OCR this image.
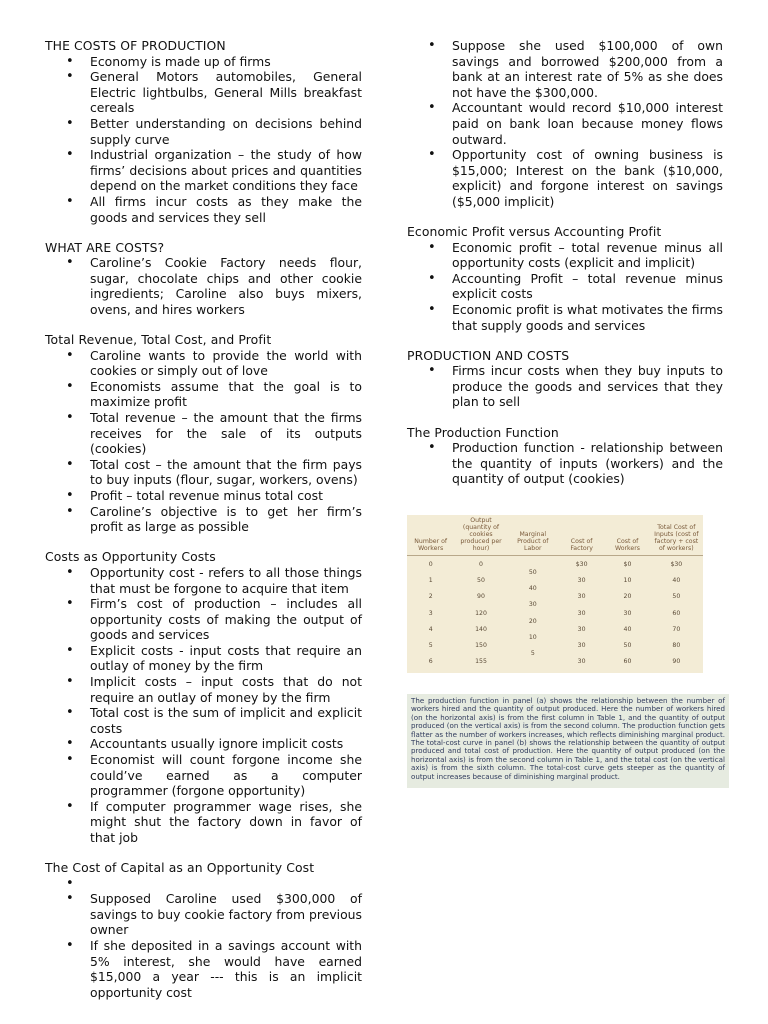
THE COSTS OF PRODUCTION
• Economy is made up of firms
• General Motors automobiles, General Electric lightbulbs, General Mills breakfast cereals
• Better understanding on decisions behind supply curve
• Industrial organization – the study of how firms’ decisions about prices and quantities depend on the market conditions they face
• All firms incur costs as they make the goods and services they sell
WHAT ARE COSTS?
• Caroline’s Cookie Factory needs flour, sugar, chocolate chips and other cookie ingredients; Caroline also buys mixers, ovens, and hires workers
Total Revenue, Total Cost, and Profit
• Caroline wants to provide the world with cookies or simply out of love
• Economists assume that the goal is to maximize profit
• Total revenue – the amount that the firms receives for the sale of its outputs (cookies)
• Total cost – the amount that the firm pays to buy inputs (flour, sugar, workers, ovens)
• Profit – total revenue minus total cost
• Caroline’s objective is to get her firm’s profit as large as possible
Costs as Opportunity Costs
• Opportunity cost - refers to all those things that must be forgone to acquire that item
• Firm’s cost of production – includes all opportunity costs of making the output of goods and services
• Explicit costs - input costs that require an outlay of money by the firm
• Implicit costs – input costs that do not require an outlay of money by the firm
• Total cost is the sum of implicit and explicit costs
• Accountants usually ignore implicit costs
• Economist will count forgone income she could’ve earned as a computer programmer (forgone opportunity)
• If computer programmer wage rises, she might shut the factory down in favor of that job
The Cost of Capital as an Opportunity Cost
•
• Supposed Caroline used $300,000 of savings to buy cookie factory from previous owner
• If she deposited in a savings account with 5% interest, she would have earned $15,000 a year --- this is an implicit opportunity cost
• Suppose she used $100,000 of own savings and borrowed $200,000 from a bank at an interest rate of 5% as she does not have the $300,000.
• Accountant would record $10,000 interest paid on bank loan because money flows outward.
• Opportunity cost of owning business is $15,000; Interest on the bank ($10,000, explicit) and forgone interest on savings ($5,000 implicit)
Economic Profit versus Accounting Profit
• Economic profit – total revenue minus all opportunity costs (explicit and implicit)
• Accounting Profit – total revenue minus explicit costs
• Economic profit is what motivates the firms that supply goods and services
PRODUCTION AND COSTS
• Firms incur costs when they buy inputs to produce the goods and services that they plan to sell
The Production Function
• Production function - relationship between the quantity of inputs (workers) and the quantity of output (cookies)
Number of Workers	Output (quantity of cookies produced per hour)	Marginal Product of Labor	Cost of Factory	Cost of Workers	Total Cost of Inputs (cost of factory + cost of workers)
0	0	50	$30	$0	$30
1	50	40	30	10	40
2	90	30	30	20	50
3	120	20	30	30	60
4	140	10	30	40	70
5	150	5	30	50	80
6	155		30	60	90
The production function in panel (a) shows the relationship between the number of workers hired and the quantity of output produced. Here the number of workers hired (on the horizontal axis) is from the first column in Table 1, and the quantity of output produced (on the vertical axis) is from the second column. The production function gets flatter as the number of workers increases, which reflects diminishing marginal product. The total-cost curve in panel (b) shows the relationship between the quantity of output produced and total cost of production. Here the quantity of output produced (on the horizontal axis) is from the second column in Table 1, and the total cost (on the vertical axis) is from the sixth column. The total-cost curve gets steeper as the quantity of output increases because of diminishing marginal product.
